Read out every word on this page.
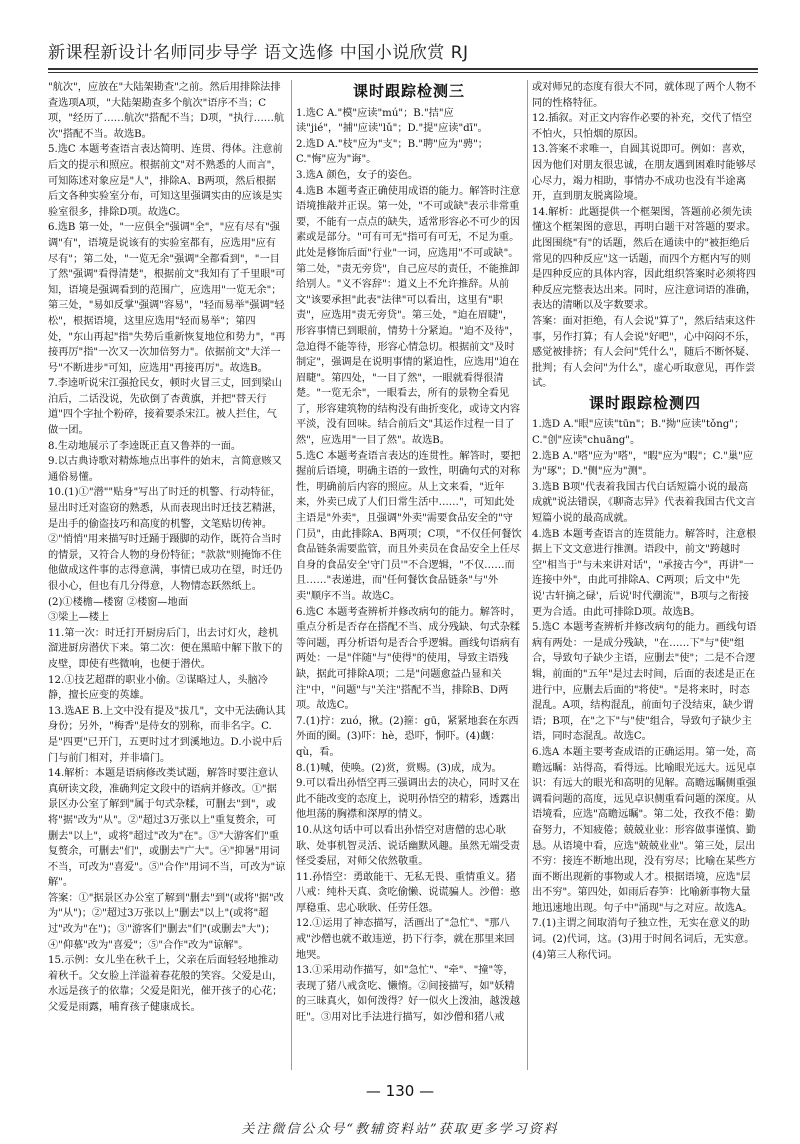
新课程新设计名师同步导学 语文选修 中国小说欣赏 RJ

"航次"，应放在"大陆架勘查"之前。然后用排除法排查选项A项，"大陆架勘查多个航次"语序不当；C项，"经历了……航次"搭配不当；D项，"执行……航次"搭配不当。故选B。

5.选C 本题考查语言表达简明、连贯、得体。注意前后文的提示和照应。根据前文"对不熟悉的人而言"，可知陈述对象应是"人"，排除A、B两项，然后根据后文各种实验室分布，可知这里强调实由的应该是实验室很多，排除D项。故选C。

6.选B 第一处，"一应俱全"强调"全"，"应有尽有"强调"有"，语境是说该有的实验室都有，应选用"应有尽有"；第二处，"一览无余"强调"全都看到"，"一目了然"强调"看得清楚"，根据前文"我知有了千里眼"可知，语境是强调看到的范围广，应选用"一览无余"；第三处，"易如反掌"强调"容易"，"轻而易举"强调"轻松"，根据语境，这里应选用"轻而易举"；第四处，"东山再起"指"失势后重新恢复地位和势力"，"再接再厉"指"一次又一次加倍努力"。依据前文"大洋一号"不断进步"可知，应选用"再接再厉"。故选B。

7.李逵听说宋江强抢民女，顿时火冒三丈，回到梁山泊后，二话没说，先砍倒了杏黄旗，并把"替天行道"四个字扯个粉碎，接着要杀宋江。被人拦住，气做一团。

8.生动地展示了李逵既正直又鲁莽的一面。

9.以古典诗歌对精炼地点出事件的始末，言简意赅又通俗易懂。

10.(1)①"潜""贴身"写出了时迁的机警、行动特征，显出时迁对盗窃的熟悉，从而表现出时迁技艺精湛，是出手的偷盗技巧和高度的机警，文笔贴切传神。②"悄悄"用来描写时迁踊于蹑脚的动作，既符合当时的情景，又符合人物的身份特征；"款款"则掩饰不住他做成这件事的志得意满，事情已成功在望，时迁仍很小心，但也有几分得意，人物情态跃然纸上。

(2)①楼檐—楼窗 ②楼窗—地面

③梁上—楼上

11.第一次：时迁打开厨房后门，出去讨灯火，趁机溜进厨房潜伏下来。第二次：便在黑暗中解下散下的皮壁，即使有些微响，也便于潜伏。

12.①技艺超群的职业小偷。②谋略过人，头脑冷静，擅长应变的英雄。

13.选AE B.上文中没有提及"拔几"，文中无法确认其身份；另外，"梅香"是侍女的别称，而非名字。C.是"四更"已开门，五更时过才到溪地边。D.小说中后门与前门相对，并非墙门。

14.解析：本题是语病修改类试题，解答时要注意认真研读文段，准确判定文段中的语病并修改。①"据景区办公室了解到"属于句式杂糅，可删去"到"，或将"据"改为"从"。②"超过3万张以上"重复赘余，可删去"以上"，或将"超过"改为"在"。③"大游客们"重复赘余，可删去"们"，或删去"广大"。④"抑暑"用词不当，可改为"喜爱"。⑤"合作"用词不当，可改为"谅解"。

答案：①"据景区办公室了解到"删去"到"(或将"据"改为"从")；②"超过3万张以上"删去"以上"(或将"超过"改为"在")；③"游客们"删去"们"(或删去"大")；④"仰慕"改为"喜爱"；⑤"合作"改为"谅解"。

15.示例：女儿坐在秋千上，父亲在后面轻轻地推动着秋千。父女脸上洋溢着春花般的笑容。父爱是山，水远是孩子的依靠；父爱是阳光，催开孩子的心花；父爱是雨露，哺育孩子健康成长。

课时跟踪检测三

1.选C A."模"应读"mú"；B."拮"应读"jié"，"捕"应读"lǔ"；D."提"应读"dī"。

2.选D A."枝"应为"支"；B."聘"应为"骋"；C."悔"应为"诲"。

3.选A 颜色，女子的姿色。

4.选B 本题考查正确使用成语的能力。解答时注意语境推敲并正误。第一处，"不可或缺"表示非常重要，不能有一点点的缺失，适常形容必不可少的因素或是部分。"可有可无"指可有可无，不足为重。此处是修饰后面"行业"一词，应选用"不可或缺"。第二处，"责无旁贷"，自己应尽的责任，不能推卸给别人。"义不容辞"：道义上不允许推辞。从前文"该要承担"此表"法律"可以看出，这里有"职责"，应选用"责无旁贷"。第三处，"迫在眉睫"，形容事情已到眼前，情势十分紧迫。"迫不及待"，急迫得不能等待，形容心情急切。根据前文"及时制定"，强调是在说明事情的紧迫性，应选用"迫在眉睫"。第四处，"一目了然"，一眼就看得很清楚。"一览无余"，一眼看去，所有的景物全看见了，形容建筑物的结构没有曲折变化，或诗文内容平淡，没有回味。结合前后文"其运作过程一目了然"，应选用"一目了然"。故选B。

5.选C 本题考查语言表达的连贯性。解答时，要把握前后语境，明确主语的一致性，明确句式的对称性，明确前后内容的照应。从上文来看，"近年来，外卖已成了人们日常生活中……"，可知此处主语是"外卖"，且强调"外卖"需要食品安全的"守门员"，由此排除A、B两项；C项，"不仅任何餐饮食品链条需要监管，而且外卖员在食品安全上任尽自身的食品安全'守门员'"不合逻辑，"不仅……而且……"表递进，而"任何餐饮食品链条"与"外卖"顺序不当。故选C。

6.选C 本题考查辨析并修改病句的能力。解答时，重点分析是否存在搭配不当、成分残缺、句式杂糅等问题，再分析语句是否合乎逻辑。画线句语病有两处：一是"伴随"与"使得"的使用，导致主语残缺，据此可排除A项；二是"问题愈益凸显和关注"中，"问题"与"关注"搭配不当，排除B、D两项。故选C。

7.(1)拧：zuó，揪。(2)箍：gū，紧紧地套在东西外面的圈。(3)吓：hè，恐吓，恫吓。(4)觑：qù，看。

8.(1)喊，使唤。(2)赏，赏赐。(3)成，成为。

9.可以看出孙悟空再三强调出去的决心，同时又在此不能改变的态度上，说明孙悟空的精彩，透露出他坦荡的胸襟和深厚的情义。

10.从这句话中可以看出孙悟空对唐僧的忠心耿耿、处事机智灵活、说话幽默风趣。虽然无端受责怪受委屈，对师父依然敬重。

11.孙悟空：勇敢能干、无私无畏、重情重义。猪八戒：纯朴天真、贪吃偷懒、说谎骗人。沙僧：憨厚稳重、忠心耿耿、任劳任怨。

12.①运用了神态描写，活画出了"急忙"、"那八戒"沙僧也就不敢违逆，扔下行李，就在那里来回地哭。

13.①采用动作描写，如"急忙"、"牵"、"撞"等，表现了猪八戒贪吃、懒惰。②间接描写，如"妖精的三昧真火，如何泼得？好一似火上泼油，越泼越旺"。③用对比手法进行描写，如沙僧和猪八戒

或对师兄的态度有很大不同，就体现了两个人物不同的性格特征。

12.插叙。对正文内容作必要的补充，交代了悟空不怕火，只怕烟的原因。

13.答案不求唯一，自圆其说即可。例如：喜欢，因为他们对朋友很忠诚，在朋友遇到困难时能够尽心尽力，竭力相助，事情办不成功也没有半途离开，直到朋友脱离险境。

14.解析：此题提供一个框架图，答题前必须先读懂这个框架图的意思，再明白题干对答题的要求。此图围绕"有"的话题，然后在通读中的"被拒绝后常见的四种反应"这一话题，而四个方框内写的则是四种反应的具体内容，因此组织答案时必须将四种反应完整表达出来。同时，应注意词语的准确，表达的清晰以及字数要求。

答案：面对拒绝，有人会说"算了"，然后结束这件事，另作打算；有人会说"好吧"，心中闷闷不乐，感觉被排挤；有人会问"凭什么"，随后不断怀疑、批判；有人会问"为什么"，虚心听取意见，再作尝试。

课时跟踪检测四

1.选D A."眼"应读"tūn"；B."拗"应读"tǒng"；C."创"应读"chuāng"。

2.选B A."嗒"应为"嗒"，"暇"应为"暇"；C."巢"应为"琢"；D."侧"应为"测"。

3.选B B项"代表着我国古代白话短篇小说的最高成就"说法错误，《聊斋志异》代表着我国古代文言短篇小说的最高成就。

4.选B 本题考查语言的连贯能力。解答时，注意根据上下文文意进行推测。语段中，前文"跨越时空"相当于"与未来讲对话"，"承接古今"，再讲"一连接中外"，由此可排除A、C两项；后文中"先说'古轩摘之碌'，后说'时代潮流'"，B项与之衔接更为合适。由此可排除D项。故选B。

5.选C 本题考查辨析并修改病句的能力。画线句语病有两处：一是成分残缺，"在……下"与"使"组合，导致句子缺少主语，应删去"使"；二是不合逻辑，前面的"五年"是过去时间，后面的表述是正在进行中，应删去后面的"将使"。"是将来时，时态混乱。A项，结构混乱，前面句子没结束，缺少谓语；B项，在"之下"与"使"组合，导致句子缺少主语，同时态混乱。故选C。

6.选A 本题主要考查成语的正确运用。第一处，高瞻远瞩：站得高，看得远。比喻眼光远大。远见卓识：有远大的眼光和高明的见解。高瞻远瞩侧重强调看问题的高度，远见卓识侧重看问题的深度。从语境看，应选"高瞻远瞩"。第二处，孜孜不倦：勤奋努力，不知疲倦；兢兢业业：形容做事谨慎、勤恳。从语境中看，应选"兢兢业业"。第三处，层出不穷：接连不断地出现，没有穷尽；比喻在某些方面不断出现新的事物或人才。根据语境，应选"层出不穷"。第四处，如雨后春笋：比喻新事物大量地迅速地出现。句子中"涌现"与之对应。故选A。

7.(1)主谓之间取消句子独立性，无实在意义的助词。(2)代词，这。(3)用于时间名词后，无实意。(4)第三人称代词。

— 130 —
关注微信公众号“教辅资料站”获取更多学习资料
